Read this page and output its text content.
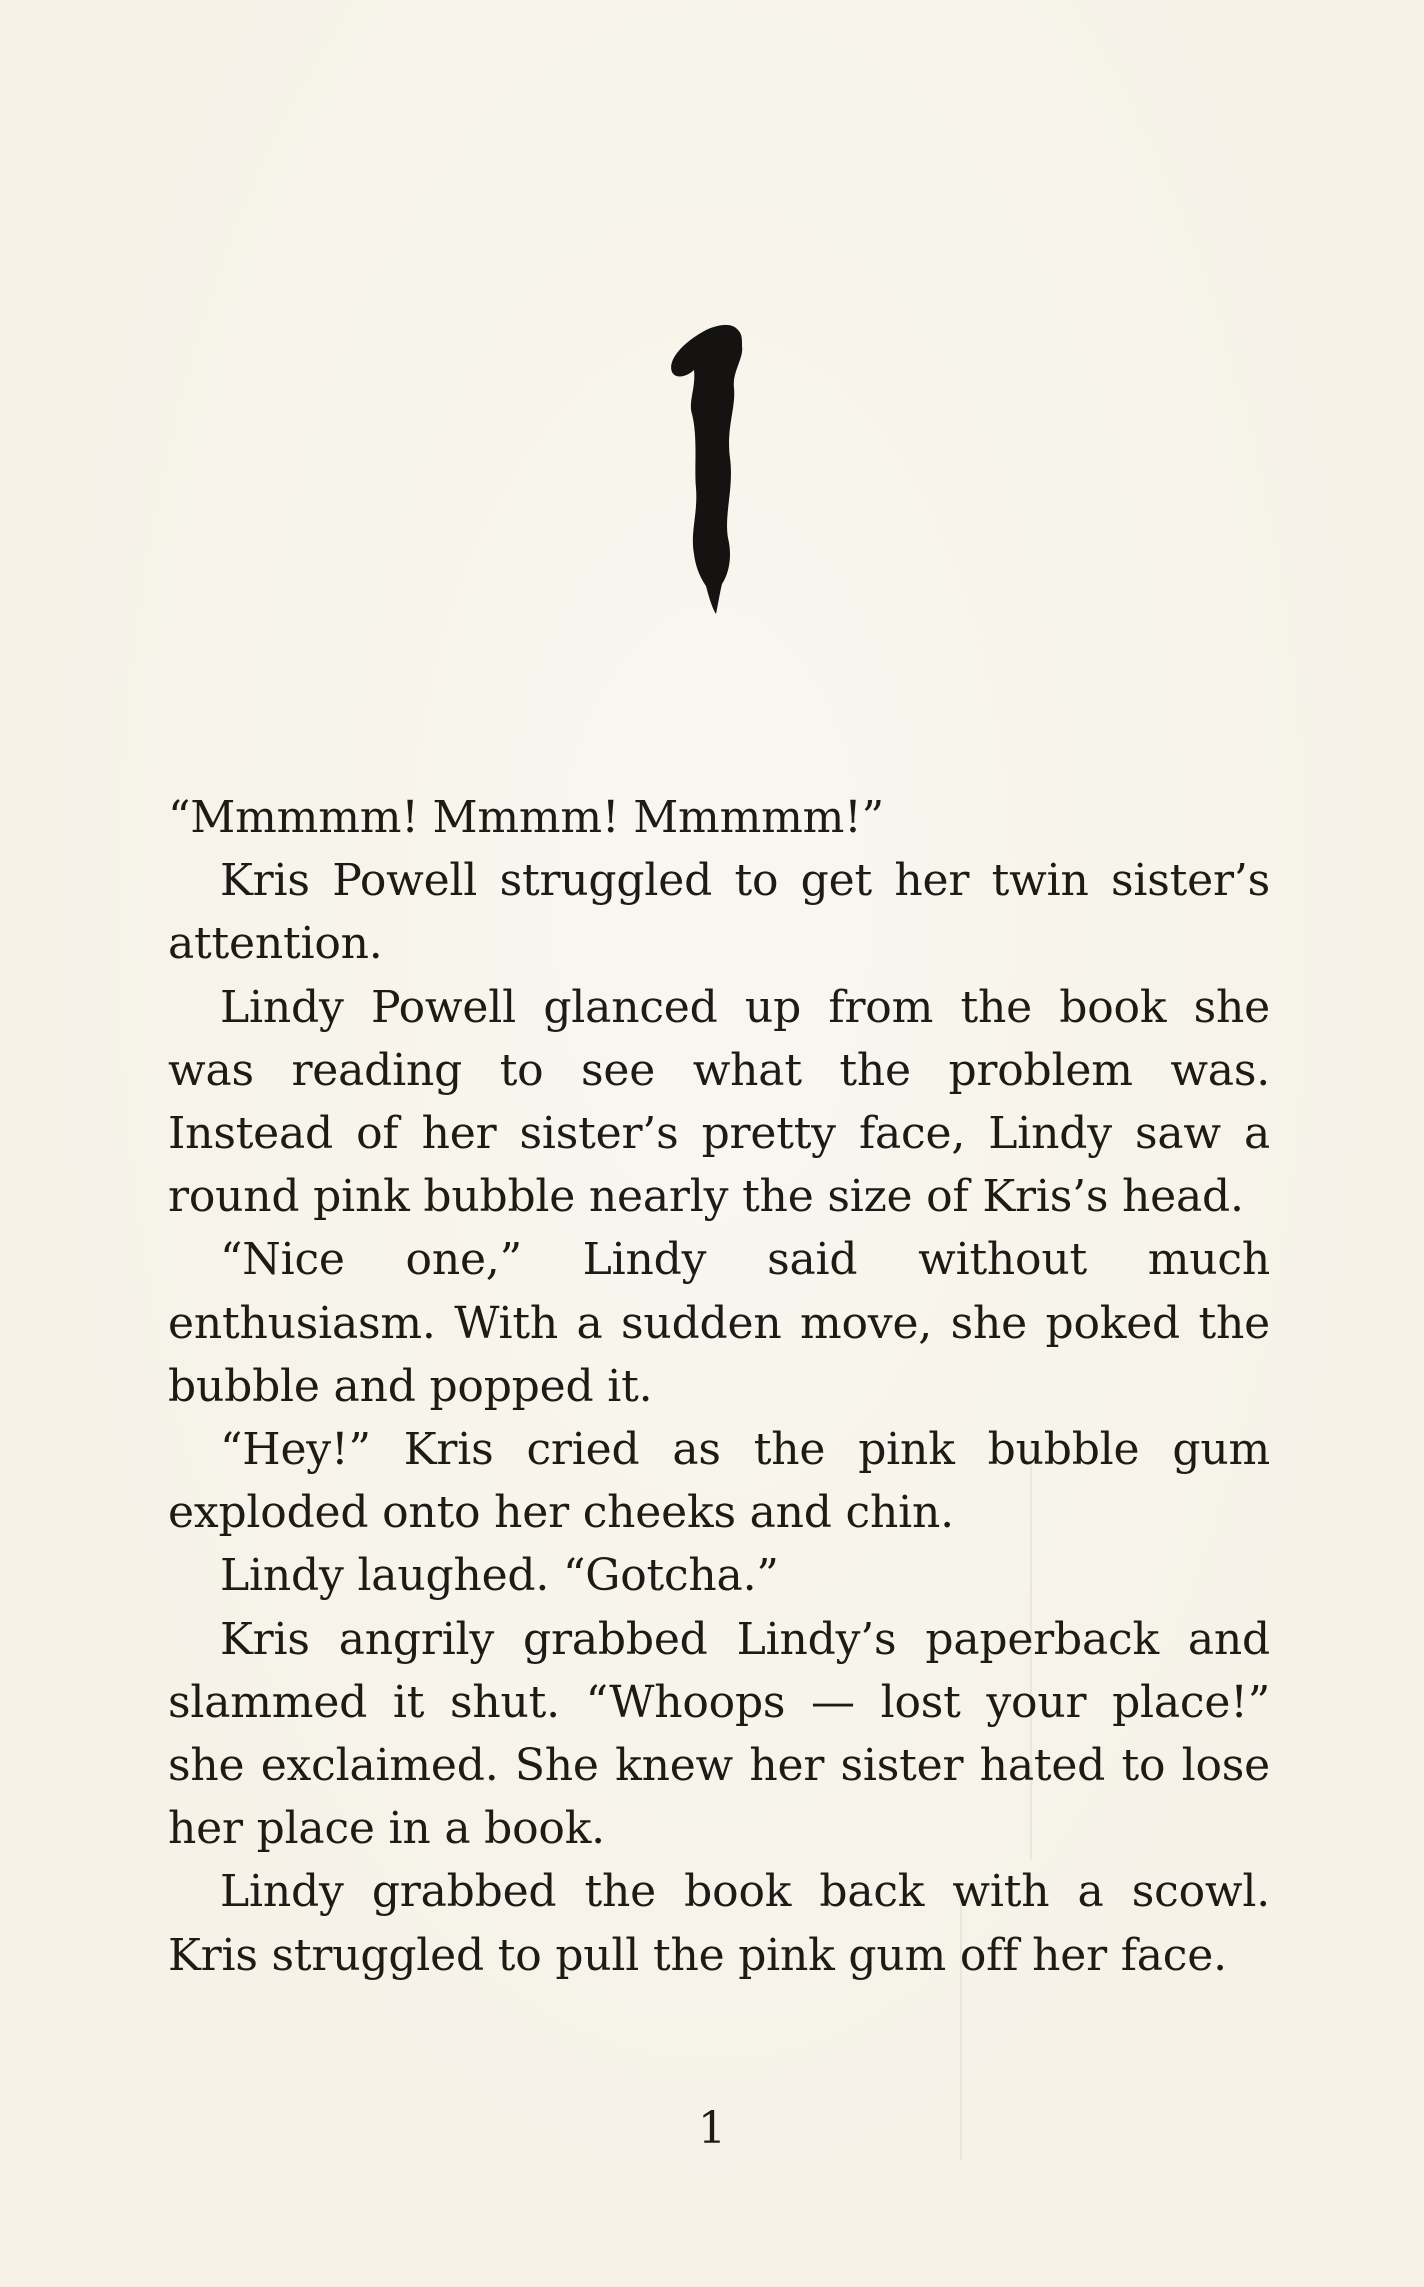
“Mmmmm! Mmmm! Mmmmm!”

Kris Powell struggled to get her twin sister’s attention.

Lindy Powell glanced up from the book she was reading to see what the problem was. Instead of her sister’s pretty face, Lindy saw a round pink bubble nearly the size of Kris’s head.

“Nice one,” Lindy said without much enthusiasm. With a sudden move, she poked the bubble and popped it.

“Hey!” Kris cried as the pink bubble gum exploded onto her cheeks and chin.

Lindy laughed. “Gotcha.”

Kris angrily grabbed Lindy’s paperback and slammed it shut. “Whoops — lost your place!” she exclaimed. She knew her sister hated to lose her place in a book.

Lindy grabbed the book back with a scowl. Kris struggled to pull the pink gum off her face.

1
